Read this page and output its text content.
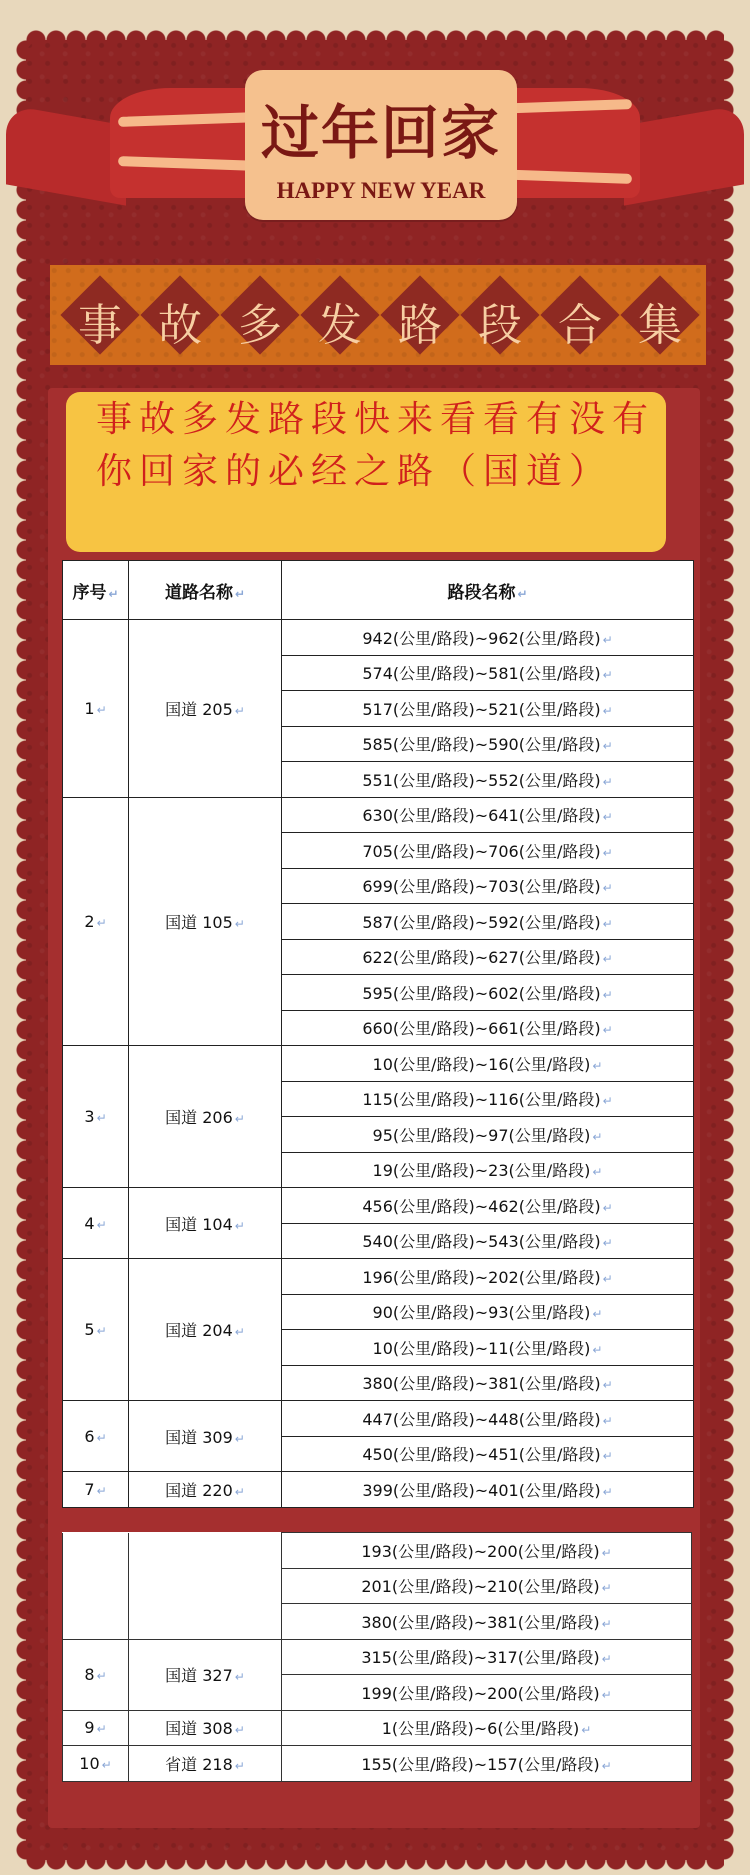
过年回家
HAPPY NEW YEAR
事 故 多 发 路 段 合 集
事故多发路段快来看看有没有你回家的必经之路（国道）
序号 ↵	道路名称 ↵	路段名称 ↵
1 ↵	国道 205 ↵	942(公里/路段)~962(公里/路段) ↵
		574(公里/路段)~581(公里/路段) ↵
		517(公里/路段)~521(公里/路段) ↵
		585(公里/路段)~590(公里/路段) ↵
		551(公里/路段)~552(公里/路段) ↵
2 ↵	国道 105 ↵	630(公里/路段)~641(公里/路段) ↵
		705(公里/路段)~706(公里/路段) ↵
		699(公里/路段)~703(公里/路段) ↵
		587(公里/路段)~592(公里/路段) ↵
		622(公里/路段)~627(公里/路段) ↵
		595(公里/路段)~602(公里/路段) ↵
		660(公里/路段)~661(公里/路段) ↵
3 ↵	国道 206 ↵	10(公里/路段)~16(公里/路段) ↵
		115(公里/路段)~116(公里/路段) ↵
		95(公里/路段)~97(公里/路段) ↵
		19(公里/路段)~23(公里/路段) ↵
4 ↵	国道 104 ↵	456(公里/路段)~462(公里/路段) ↵
		540(公里/路段)~543(公里/路段) ↵
5 ↵	国道 204 ↵	196(公里/路段)~202(公里/路段) ↵
		90(公里/路段)~93(公里/路段) ↵
		10(公里/路段)~11(公里/路段) ↵
		380(公里/路段)~381(公里/路段) ↵
6 ↵	国道 309 ↵	447(公里/路段)~448(公里/路段) ↵
		450(公里/路段)~451(公里/路段) ↵
7 ↵	国道 220 ↵	399(公里/路段)~401(公里/路段) ↵
		193(公里/路段)~200(公里/路段) ↵
		201(公里/路段)~210(公里/路段) ↵
		380(公里/路段)~381(公里/路段) ↵
8 ↵	国道 327 ↵	315(公里/路段)~317(公里/路段) ↵
		199(公里/路段)~200(公里/路段) ↵
9 ↵	国道 308 ↵	1(公里/路段)~6(公里/路段) ↵
10 ↵	省道 218 ↵	155(公里/路段)~157(公里/路段) ↵
